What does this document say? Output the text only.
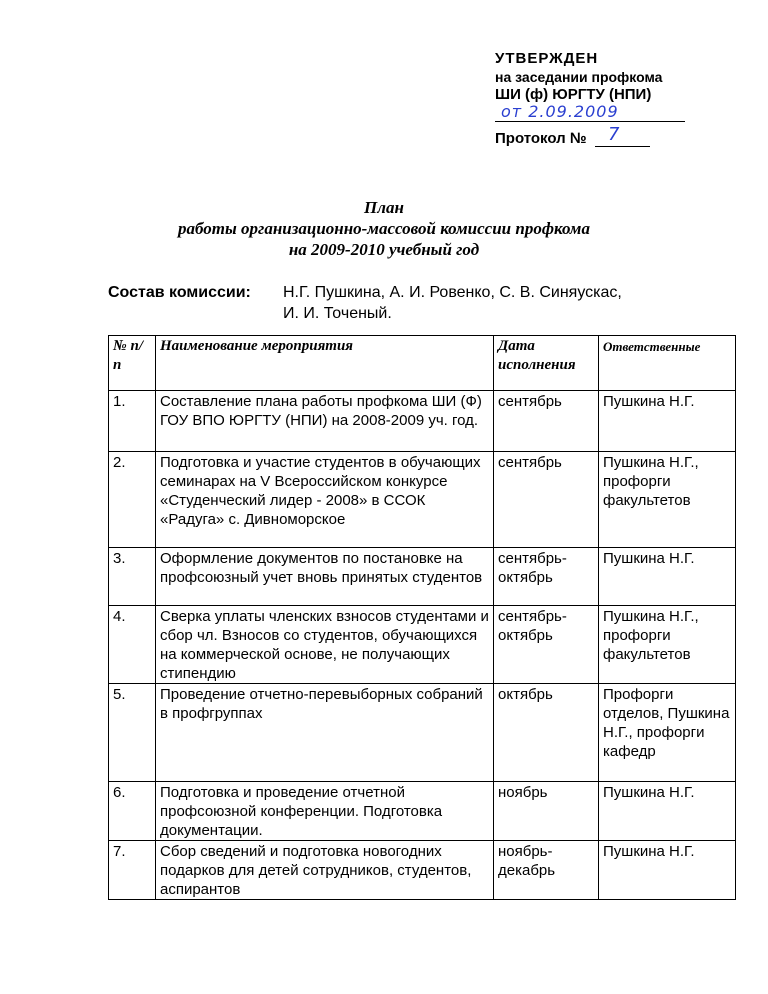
УТВЕРЖДЕН
на заседании профкома
ШИ (ф) ЮРГТУ (НПИ)
от 2.09.2009
Протокол № 7
План
работы организационно-массовой комиссии профкома
на 2009-2010 учебный год
Состав комиссии: Н.Г. Пушкина, А. И. Ровенко, С. В. Синяускас,
И. И. Точеный.
№ п/п	Наименование мероприятия	Дата исполнения	Ответственные
1.	Составление плана работы профкома ШИ (Ф) ГОУ ВПО ЮРГТУ (НПИ) на 2008-2009 уч. год.	сентябрь	Пушкина Н.Г.
2.	Подготовка и участие студентов в обучающих семинарах на V Всероссийском конкурсе «Студенческий лидер - 2008» в ССОК «Радуга» с. Дивноморское	сентябрь	Пушкина Н.Г., профорги факультетов
3.	Оформление документов по постановке на профсоюзный учет вновь принятых студентов	сентябрь-октябрь	Пушкина Н.Г.
4.	Сверка уплаты членских взносов студентами и сбор чл. Взносов со студентов, обучающихся на коммерческой основе, не получающих стипендию	сентябрь-октябрь	Пушкина Н.Г., профорги факультетов
5.	Проведение отчетно-перевыборных собраний в профгруппах	октябрь	Профорги отделов, Пушкина Н.Г., профорги кафедр
6.	Подготовка и проведение отчетной профсоюзной конференции. Подготовка документации.	ноябрь	Пушкина Н.Г.
7.	Сбор сведений и подготовка новогодних подарков для детей сотрудников, студентов, аспирантов	ноябрь-декабрь	Пушкина Н.Г.
